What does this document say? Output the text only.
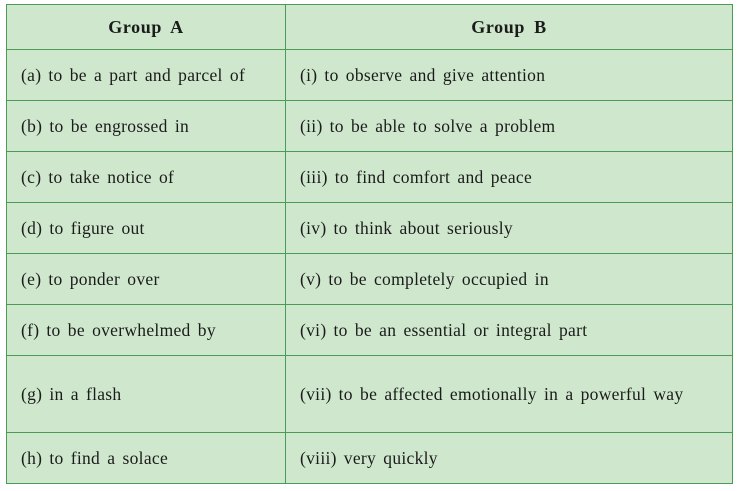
Group A	Group B

(a) to be a part and parcel of	(i) to observe and give attention

(b) to be engrossed in	(ii) to be able to solve a problem

(c) to take notice of	(iii) to find comfort and peace

(d) to figure out	(iv) to think about seriously

(e) to ponder over	(v) to be completely occupied in

(f) to be overwhelmed by	(vi) to be an essential or integral part

(g) in a flash	(vii) to be affected emotionally in a powerful way

(h) to find a solace	(viii) very quickly
